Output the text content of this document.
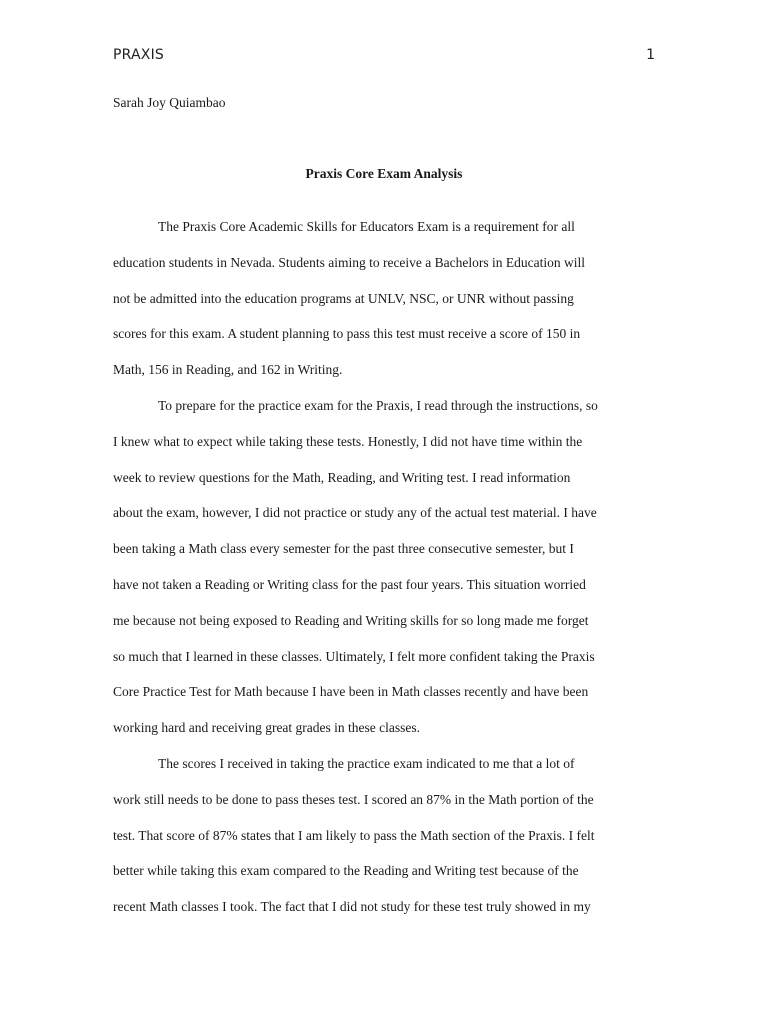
PRAXIS	1
Sarah Joy Quiambao
Praxis Core Exam Analysis
The Praxis Core Academic Skills for Educators Exam is a requirement for all
education students in Nevada. Students aiming to receive a Bachelors in Education will
not be admitted into the education programs at UNLV, NSC, or UNR without passing
scores for this exam. A student planning to pass this test must receive a score of 150 in
Math, 156 in Reading, and 162 in Writing.
To prepare for the practice exam for the Praxis, I read through the instructions, so
I knew what to expect while taking these tests. Honestly, I did not have time within the
week to review questions for the Math, Reading, and Writing test. I read information
about the exam, however, I did not practice or study any of the actual test material. I have
been taking a Math class every semester for the past three consecutive semester, but I
have not taken a Reading or Writing class for the past four years. This situation worried
me because not being exposed to Reading and Writing skills for so long made me forget
so much that I learned in these classes. Ultimately, I felt more confident taking the Praxis
Core Practice Test for Math because I have been in Math classes recently and have been
working hard and receiving great grades in these classes.
The scores I received in taking the practice exam indicated to me that a lot of
work still needs to be done to pass theses test. I scored an 87% in the Math portion of the
test. That score of 87% states that I am likely to pass the Math section of the Praxis. I felt
better while taking this exam compared to the Reading and Writing test because of the
recent Math classes I took. The fact that I did not study for these test truly showed in my
